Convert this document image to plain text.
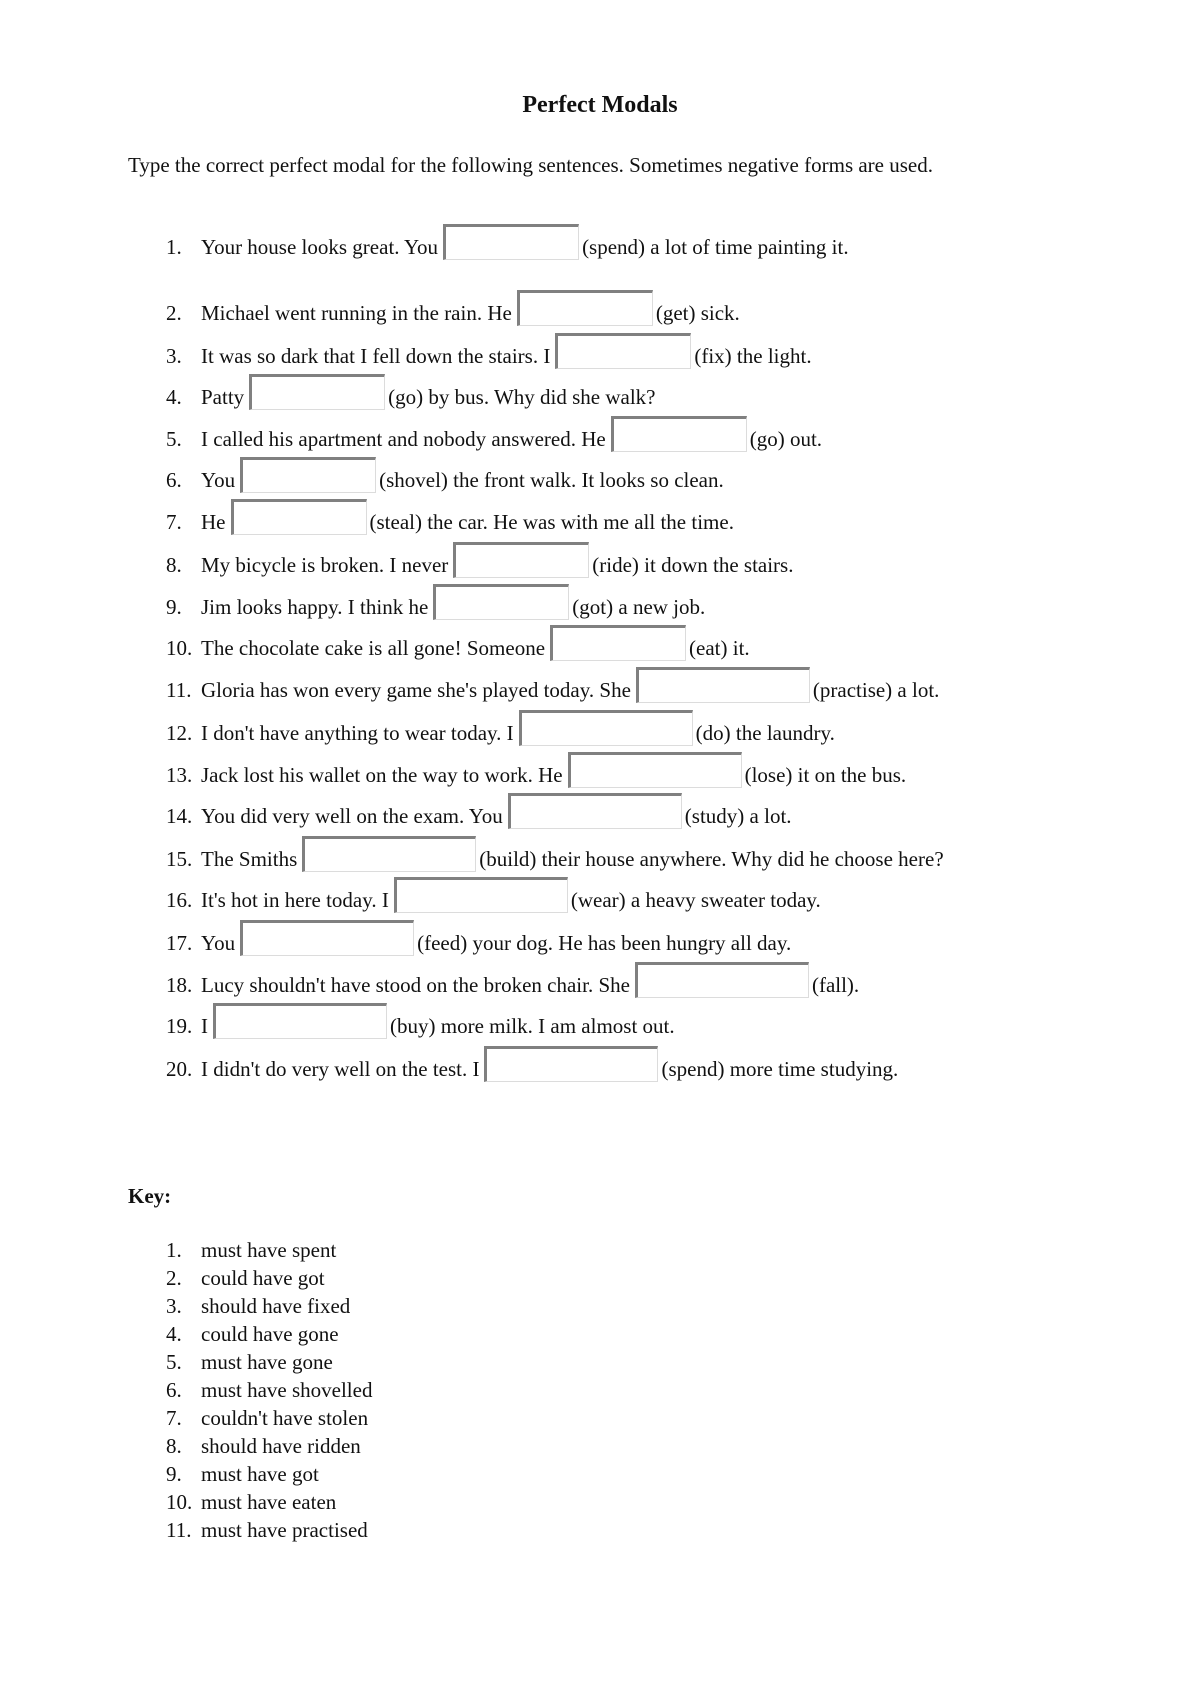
Perfect Modals
Type the correct perfect modal for the following sentences. Sometimes negative forms are used.
1. Your house looks great. You	(spend) a lot of time painting it.
2. Michael went running in the rain. He	(get) sick.
3. It was so dark that I fell down the stairs. I	(fix) the light.
4. Patty	(go) by bus. Why did she walk?
5. I called his apartment and nobody answered. He	(go) out.
6. You	(shovel) the front walk. It looks so clean.
7. He	(steal) the car. He was with me all the time.
8. My bicycle is broken. I never	(ride) it down the stairs.
9. Jim looks happy. I think he	(got) a new job.
10. The chocolate cake is all gone! Someone	(eat) it.
11. Gloria has won every game she's played today. She	(practise) a lot.
12. I don't have anything to wear today. I	(do) the laundry.
13. Jack lost his wallet on the way to work. He	(lose) it on the bus.
14. You did very well on the exam. You	(study) a lot.
15. The Smiths	(build) their house anywhere. Why did he choose here?
16. It's hot in here today. I	(wear) a heavy sweater today.
17. You	(feed) your dog. He has been hungry all day.
18. Lucy shouldn't have stood on the broken chair. She	(fall).
19. I	(buy) more milk. I am almost out.
20. I didn't do very well on the test. I	(spend) more time studying.
Key:
1. must have spent
2. could have got
3. should have fixed
4. could have gone
5. must have gone
6. must have shovelled
7. couldn't have stolen
8. should have ridden
9. must have got
10. must have eaten
11. must have practised
